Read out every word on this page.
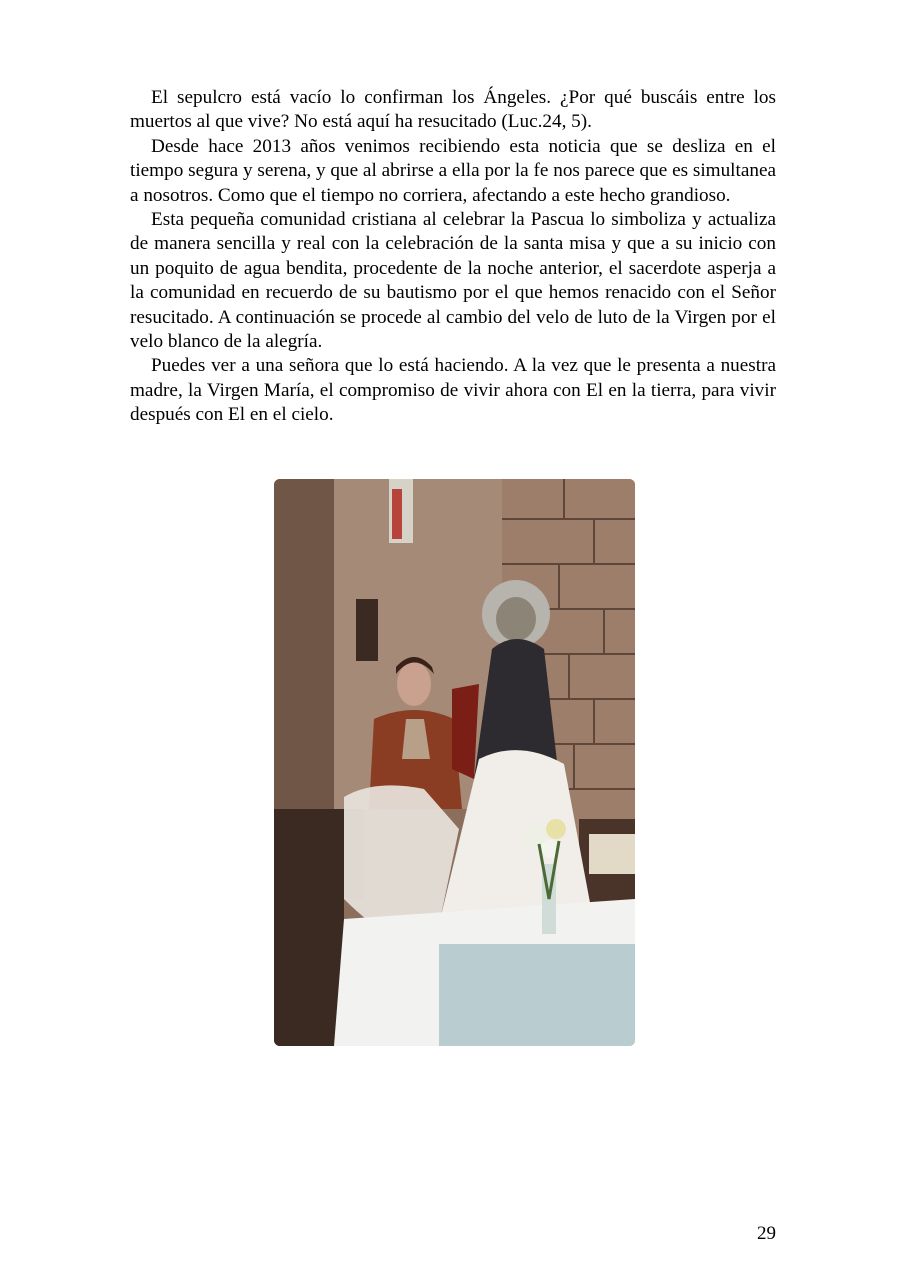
El sepulcro está vacío lo confirman los Ángeles. ¿Por qué buscáis entre los muertos al que vive? No está aquí ha resucitado (Luc.24, 5).

Desde hace 2013 años venimos recibiendo esta noticia que se desliza en el tiempo segura y serena, y que al abrirse a ella por la fe nos parece que es simultanea a nosotros. Como que el tiempo no corriera, afectando a este hecho grandioso.

Esta pequeña comunidad cristiana al celebrar la Pascua lo simboliza y actualiza de manera sencilla y real con la celebración de la santa misa y que a su inicio con un poquito de agua bendita, procedente de la noche anterior, el sacerdote asperja a la comunidad en recuerdo de su bautismo por el que hemos renacido con el Señor resucitado. A continuación se procede al cambio del velo de luto de la Virgen por el velo blanco de la alegría.

Puedes ver a una señora que lo está haciendo. A la vez que le presenta a nuestra madre, la Virgen María, el compromiso de vivir ahora con El en la tierra, para vivir después con El en el cielo.

29
